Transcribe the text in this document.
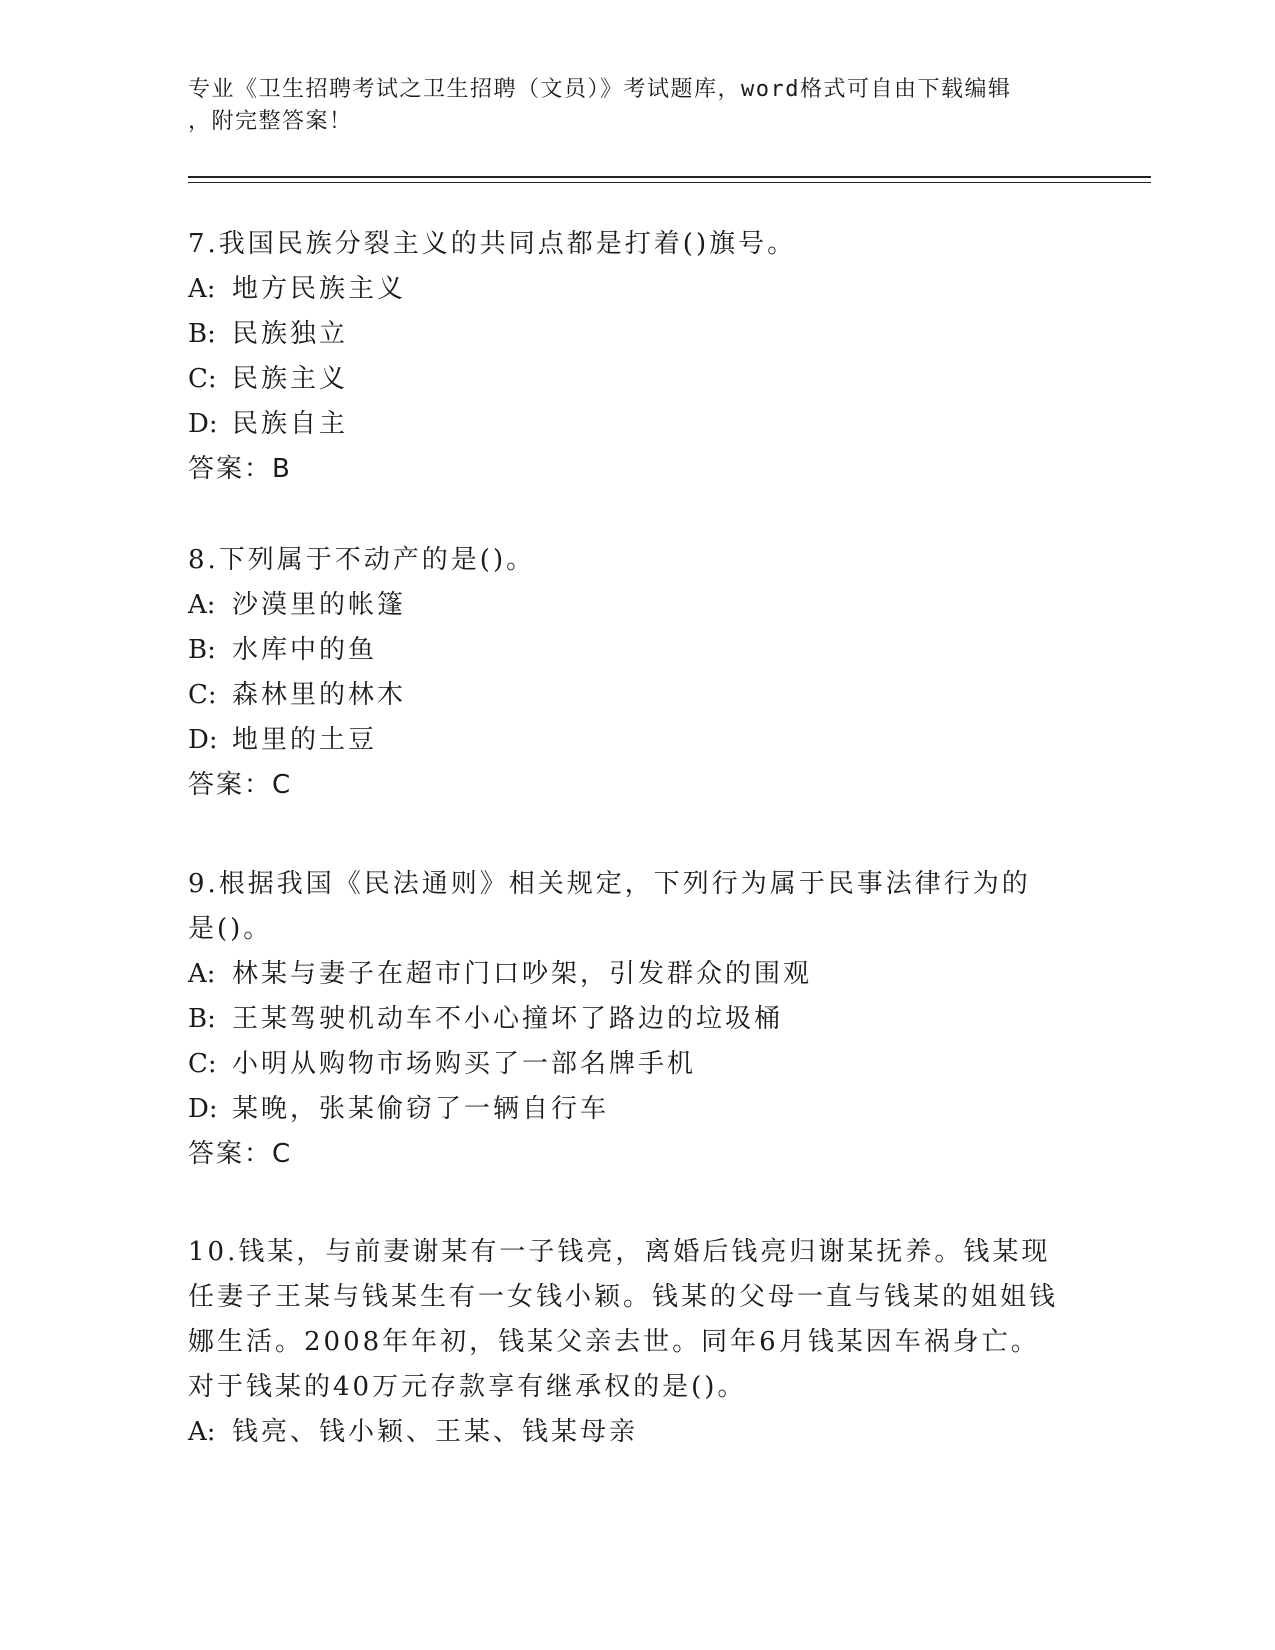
专业《卫生招聘考试之卫生招聘（文员）》考试题库，word格式可自由下载编辑
，附完整答案！

7.我国民族分裂主义的共同点都是打着()旗号。

A: 地方民族主义

B: 民族独立

C: 民族主义

D: 民族自主

答案：B

8.下列属于不动产的是()。

A: 沙漠里的帐篷

B: 水库中的鱼

C: 森林里的林木

D: 地里的土豆

答案：C

9.根据我国《民法通则》相关规定，下列行为属于民事法律行为的是()。

A: 林某与妻子在超市门口吵架，引发群众的围观

B: 王某驾驶机动车不小心撞坏了路边的垃圾桶

C: 小明从购物市场购买了一部名牌手机

D: 某晚，张某偷窃了一辆自行车

答案：C

10.钱某，与前妻谢某有一子钱亮，离婚后钱亮归谢某抚养。钱某现任妻子王某与钱某生有一女钱小颖。钱某的父母一直与钱某的姐姐钱娜生活。2008年年初，钱某父亲去世。同年6月钱某因车祸身亡。对于钱某的40万元存款享有继承权的是()。

A: 钱亮、钱小颖、王某、钱某母亲
